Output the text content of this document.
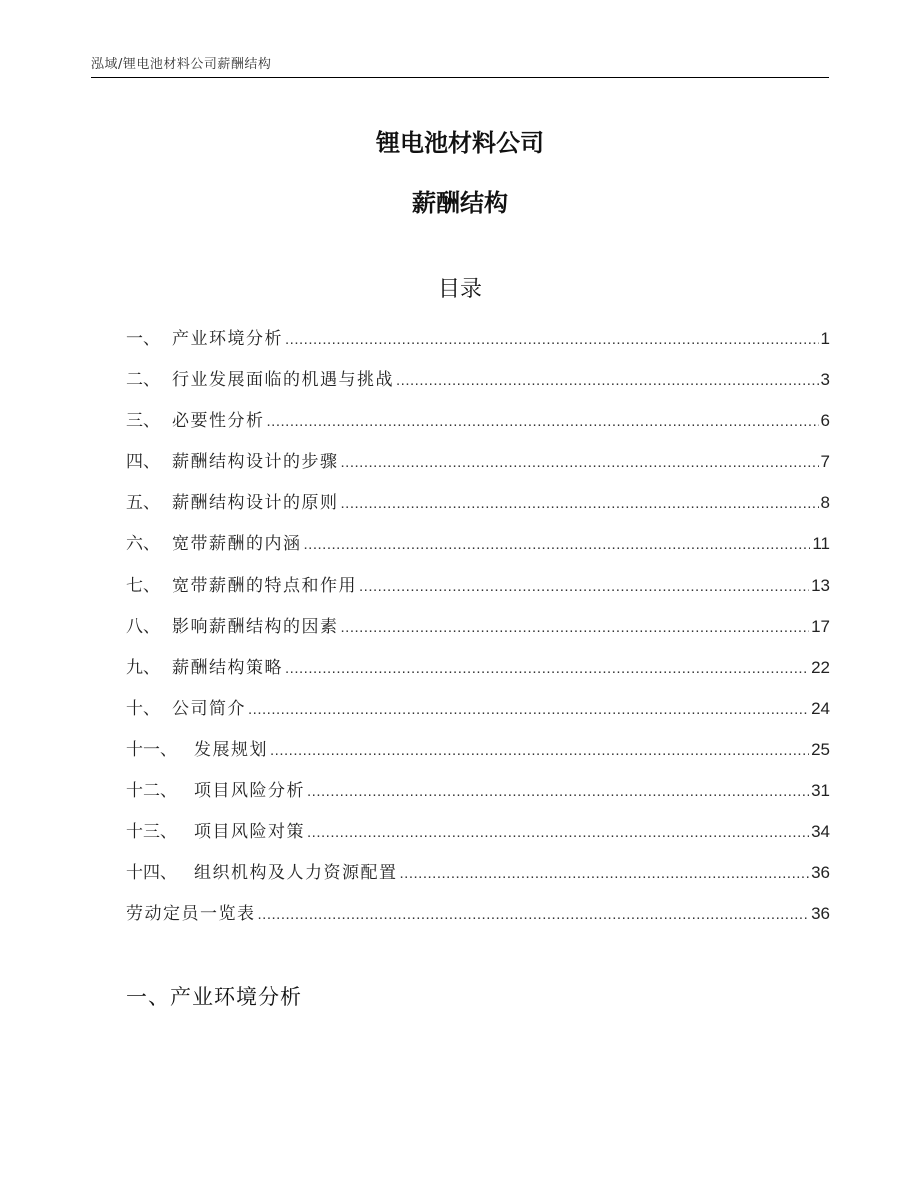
泓域/锂电池材料公司薪酬结构
锂电池材料公司
薪酬结构
目录
一、 产业环境分析 .....	1
二、 行业发展面临的机遇与挑战 .....	3
三、 必要性分析 .....	6
四、 薪酬结构设计的步骤 .....	7
五、 薪酬结构设计的原则 .....	8
六、 宽带薪酬的内涵 .....	11
七、 宽带薪酬的特点和作用 .....	13
八、 影响薪酬结构的因素 .....	17
九、 薪酬结构策略 .....	22
十、 公司简介 .....	24
十一、 发展规划 .....	25
十二、 项目风险分析 .....	31
十三、 项目风险对策 .....	34
十四、 组织机构及人力资源配置 .....	36
劳动定员一览表 .....	36
一、产业环境分析
